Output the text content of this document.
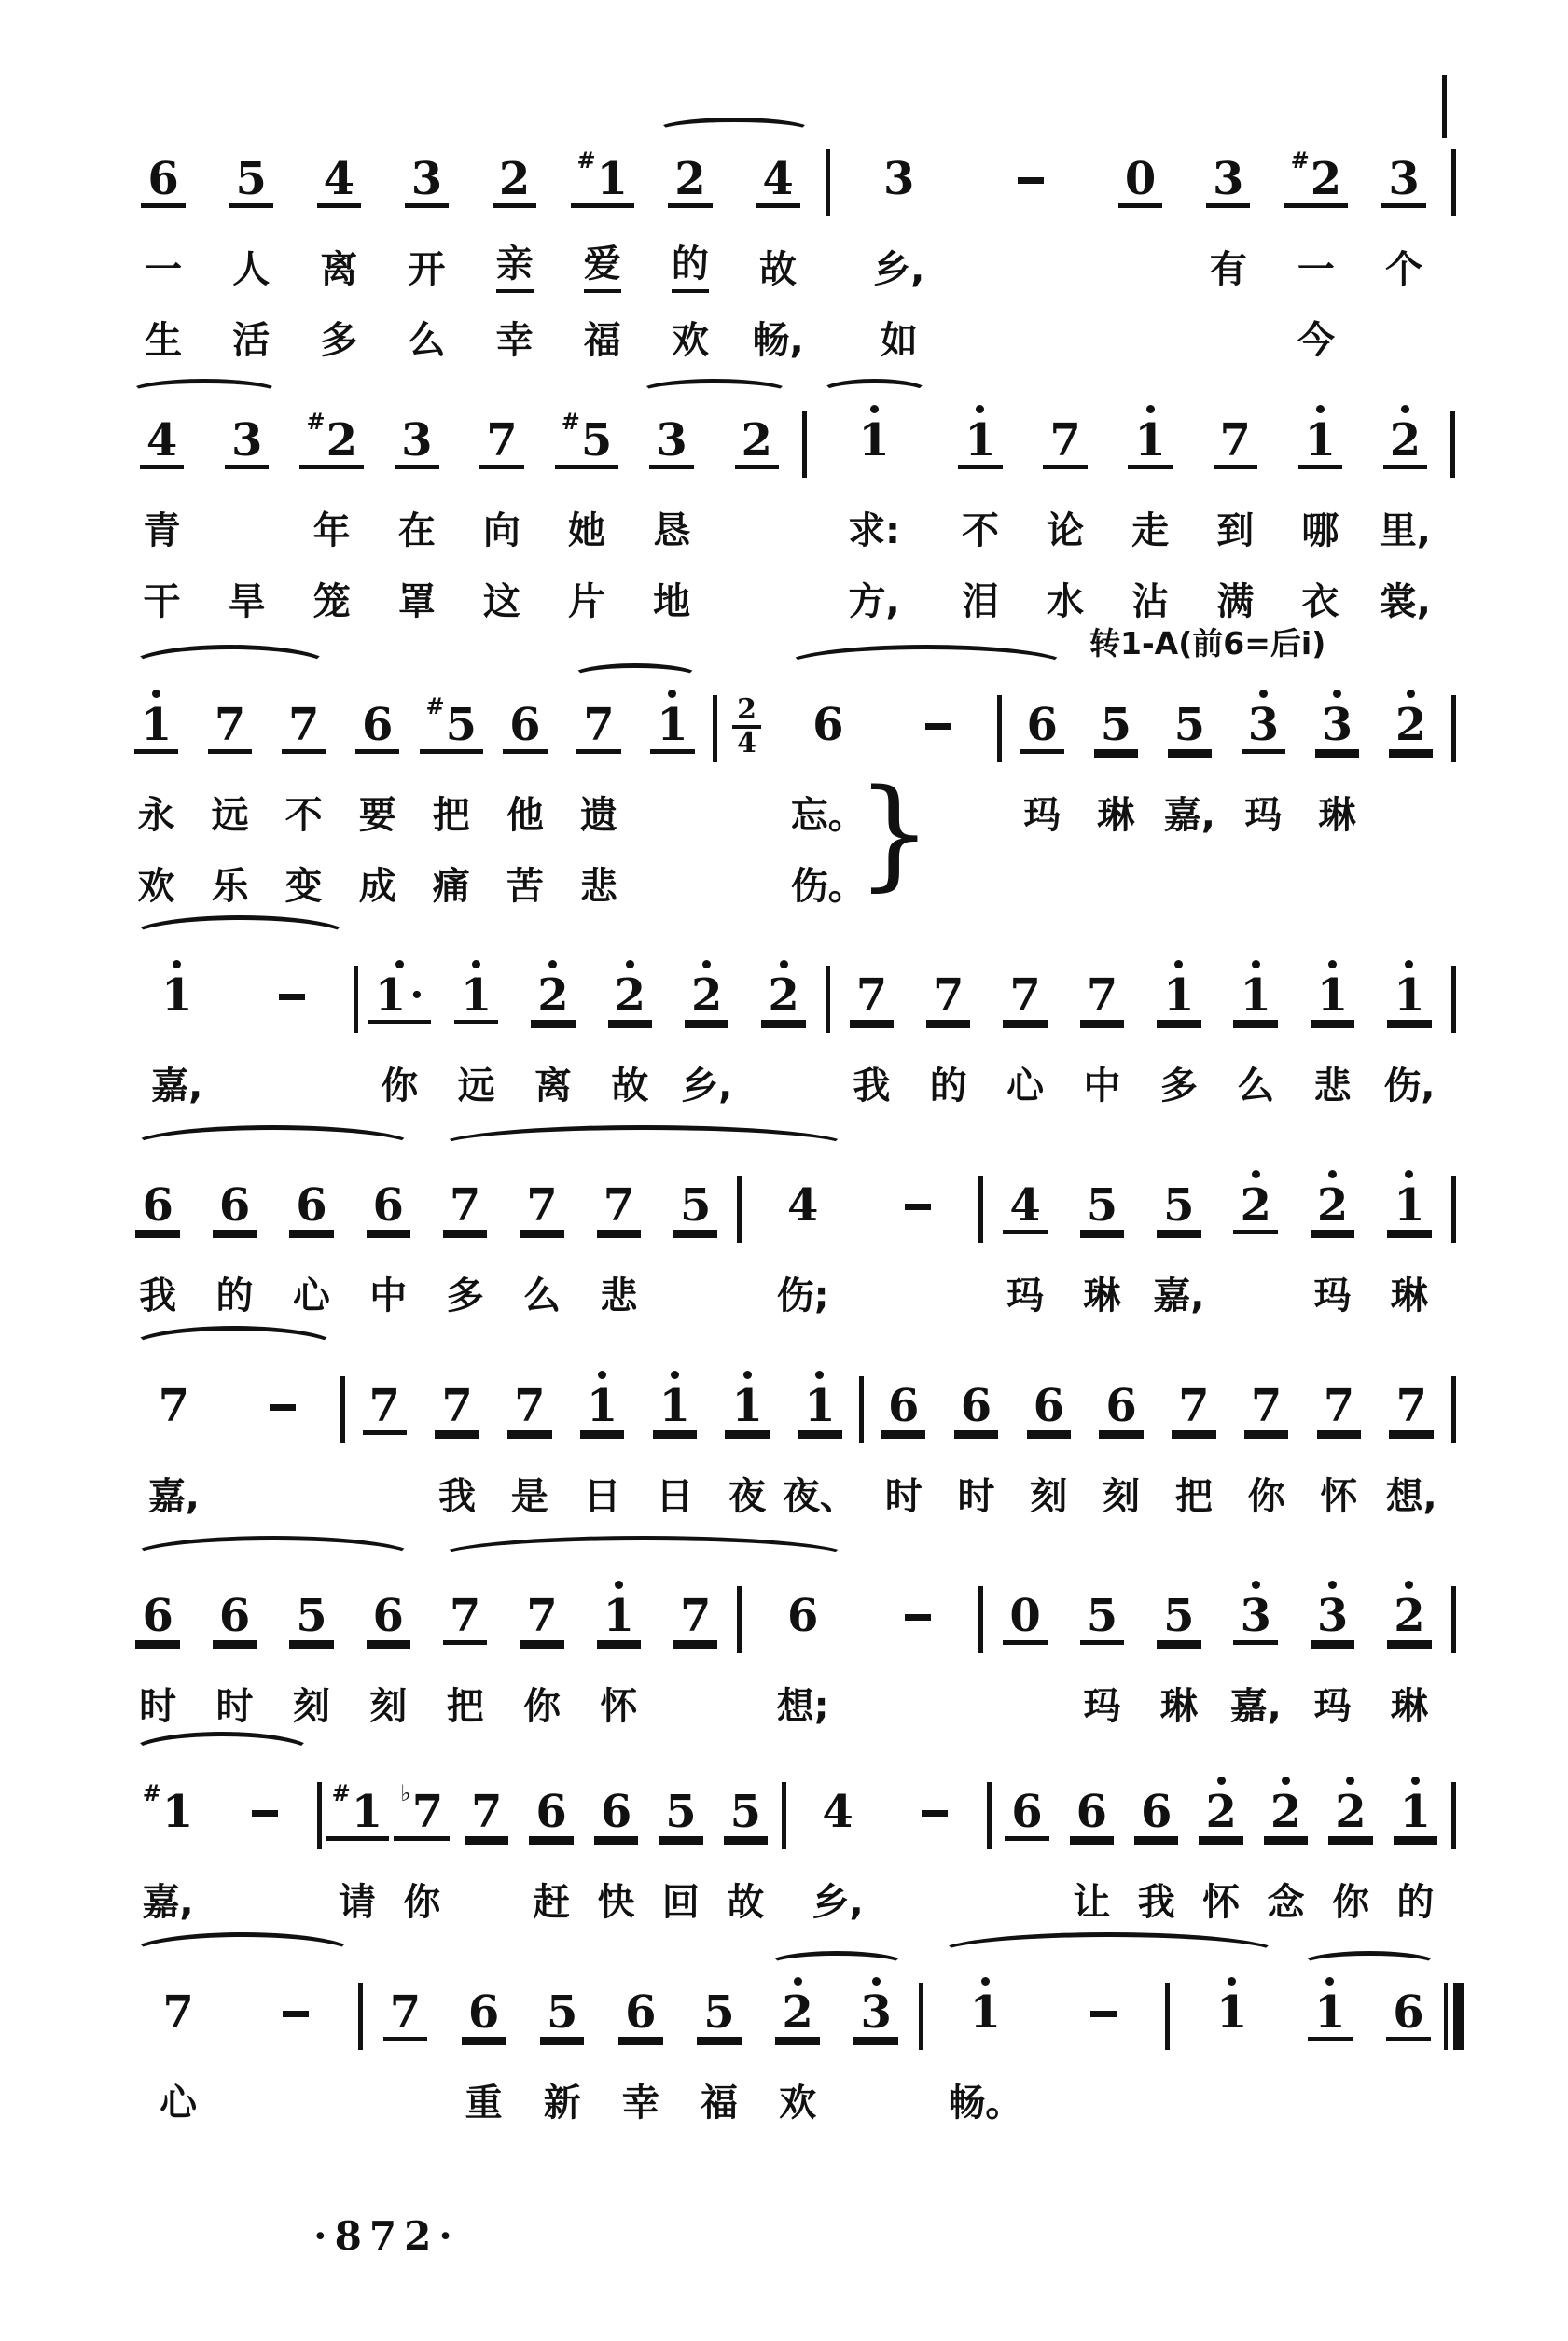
6
一
生
5
人
活
4
离
多
3
开
么
2
亲
幸
# 1
爱
福
2
的
欢
4
故
畅,
3
乡,
如
0 3
有
# 2
一
今
3
个
4
青
干
3
旱
# 2
年
笼
3
在
罩
7
向
这
# 5
她
片
3
恳
地
2 1
求:
方,
1
不
泪
7
论
水
1
走
沾
7
到
满
1
哪
衣
2
里,
裳,
1
永
欢
7
远
乐
7
不
变
6
要
成
# 5
把
痛
6
他
苦
7
遗
悲
$1 \frac{2}{4} 6$
忘。
伤。
6
玛
5
琳
5
嘉,
3
玛
3
琳
2
}
1
嘉,
1 ·
你
1
远
2
离
2
故
2
乡,
2 7
我
7
的
7
心
7
中
1
多
1
么
1
悲
1
伤,
6
我
6
的
6
心
6
中
7
多
7
么
7
悲
5 4
伤;
4
玛
5
琳
5
嘉,
2 2
玛
1
琳
7
嘉,
7 7
我
7
是
1
日
1
日
1
夜
1
夜、
6
时
6
时
6
刻
6
刻
7
把
7
你
7
怀
7
想,
6
时
6
时
5
刻
6
刻
7
把
7
你
1
怀
7 6
想;
0 5
玛
5
琳
3
嘉,
3
玛
2
琳
# 1
嘉,
# 1
请
♭ 7
你
7 6
赶
6
快
5
回
5
故
4
乡,
6 6
让
6
我
2
怀
2
念
2
你
1
的
7
心
7 6
重
5
新
6
幸
5
福
2
欢
3 1
畅。
1 1 6
转1-A(前6=后i)
·872·
